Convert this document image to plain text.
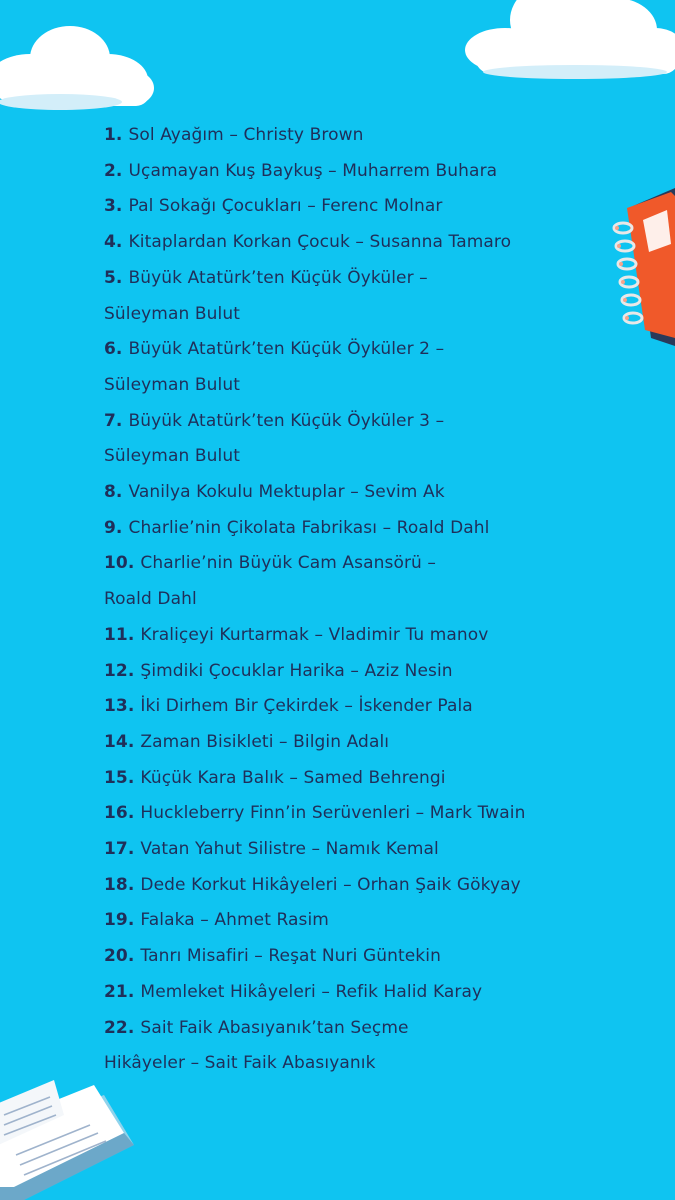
1. Sol Ayağım – Christy Brown
2. Uçamayan Kuş Baykuş – Muharrem Buhara
3. Pal Sokağı Çocukları – Ferenc Molnar
4. Kitaplardan Korkan Çocuk – Susanna Tamaro
5. Büyük Atatürk’ten Küçük Öyküler –
Süleyman Bulut
6. Büyük Atatürk’ten Küçük Öyküler 2 –
Süleyman Bulut
7. Büyük Atatürk’ten Küçük Öyküler 3 –
Süleyman Bulut
8. Vanilya Kokulu Mektuplar – Sevim Ak
9. Charlie’nin Çikolata Fabrikası – Roald Dahl
10. Charlie’nin Büyük Cam Asansörü –
Roald Dahl
11. Kraliçeyi Kurtarmak – Vladimir Tu manov
12. Şimdiki Çocuklar Harika – Aziz Nesin
13. İki Dirhem Bir Çekirdek – İskender Pala
14. Zaman Bisikleti – Bilgin Adalı
15. Küçük Kara Balık – Samed Behrengi
16. Huckleberry Finn’in Serüvenleri – Mark Twain
17. Vatan Yahut Silistre – Namık Kemal
18. Dede Korkut Hikâyeleri – Orhan Şaik Gökyay
19. Falaka – Ahmet Rasim
20. Tanrı Misafiri – Reşat Nuri Güntekin
21. Memleket Hikâyeleri – Refik Halid Karay
22. Sait Faik Abasıyanık’tan Seçme
Hikâyeler – Sait Faik Abasıyanık
